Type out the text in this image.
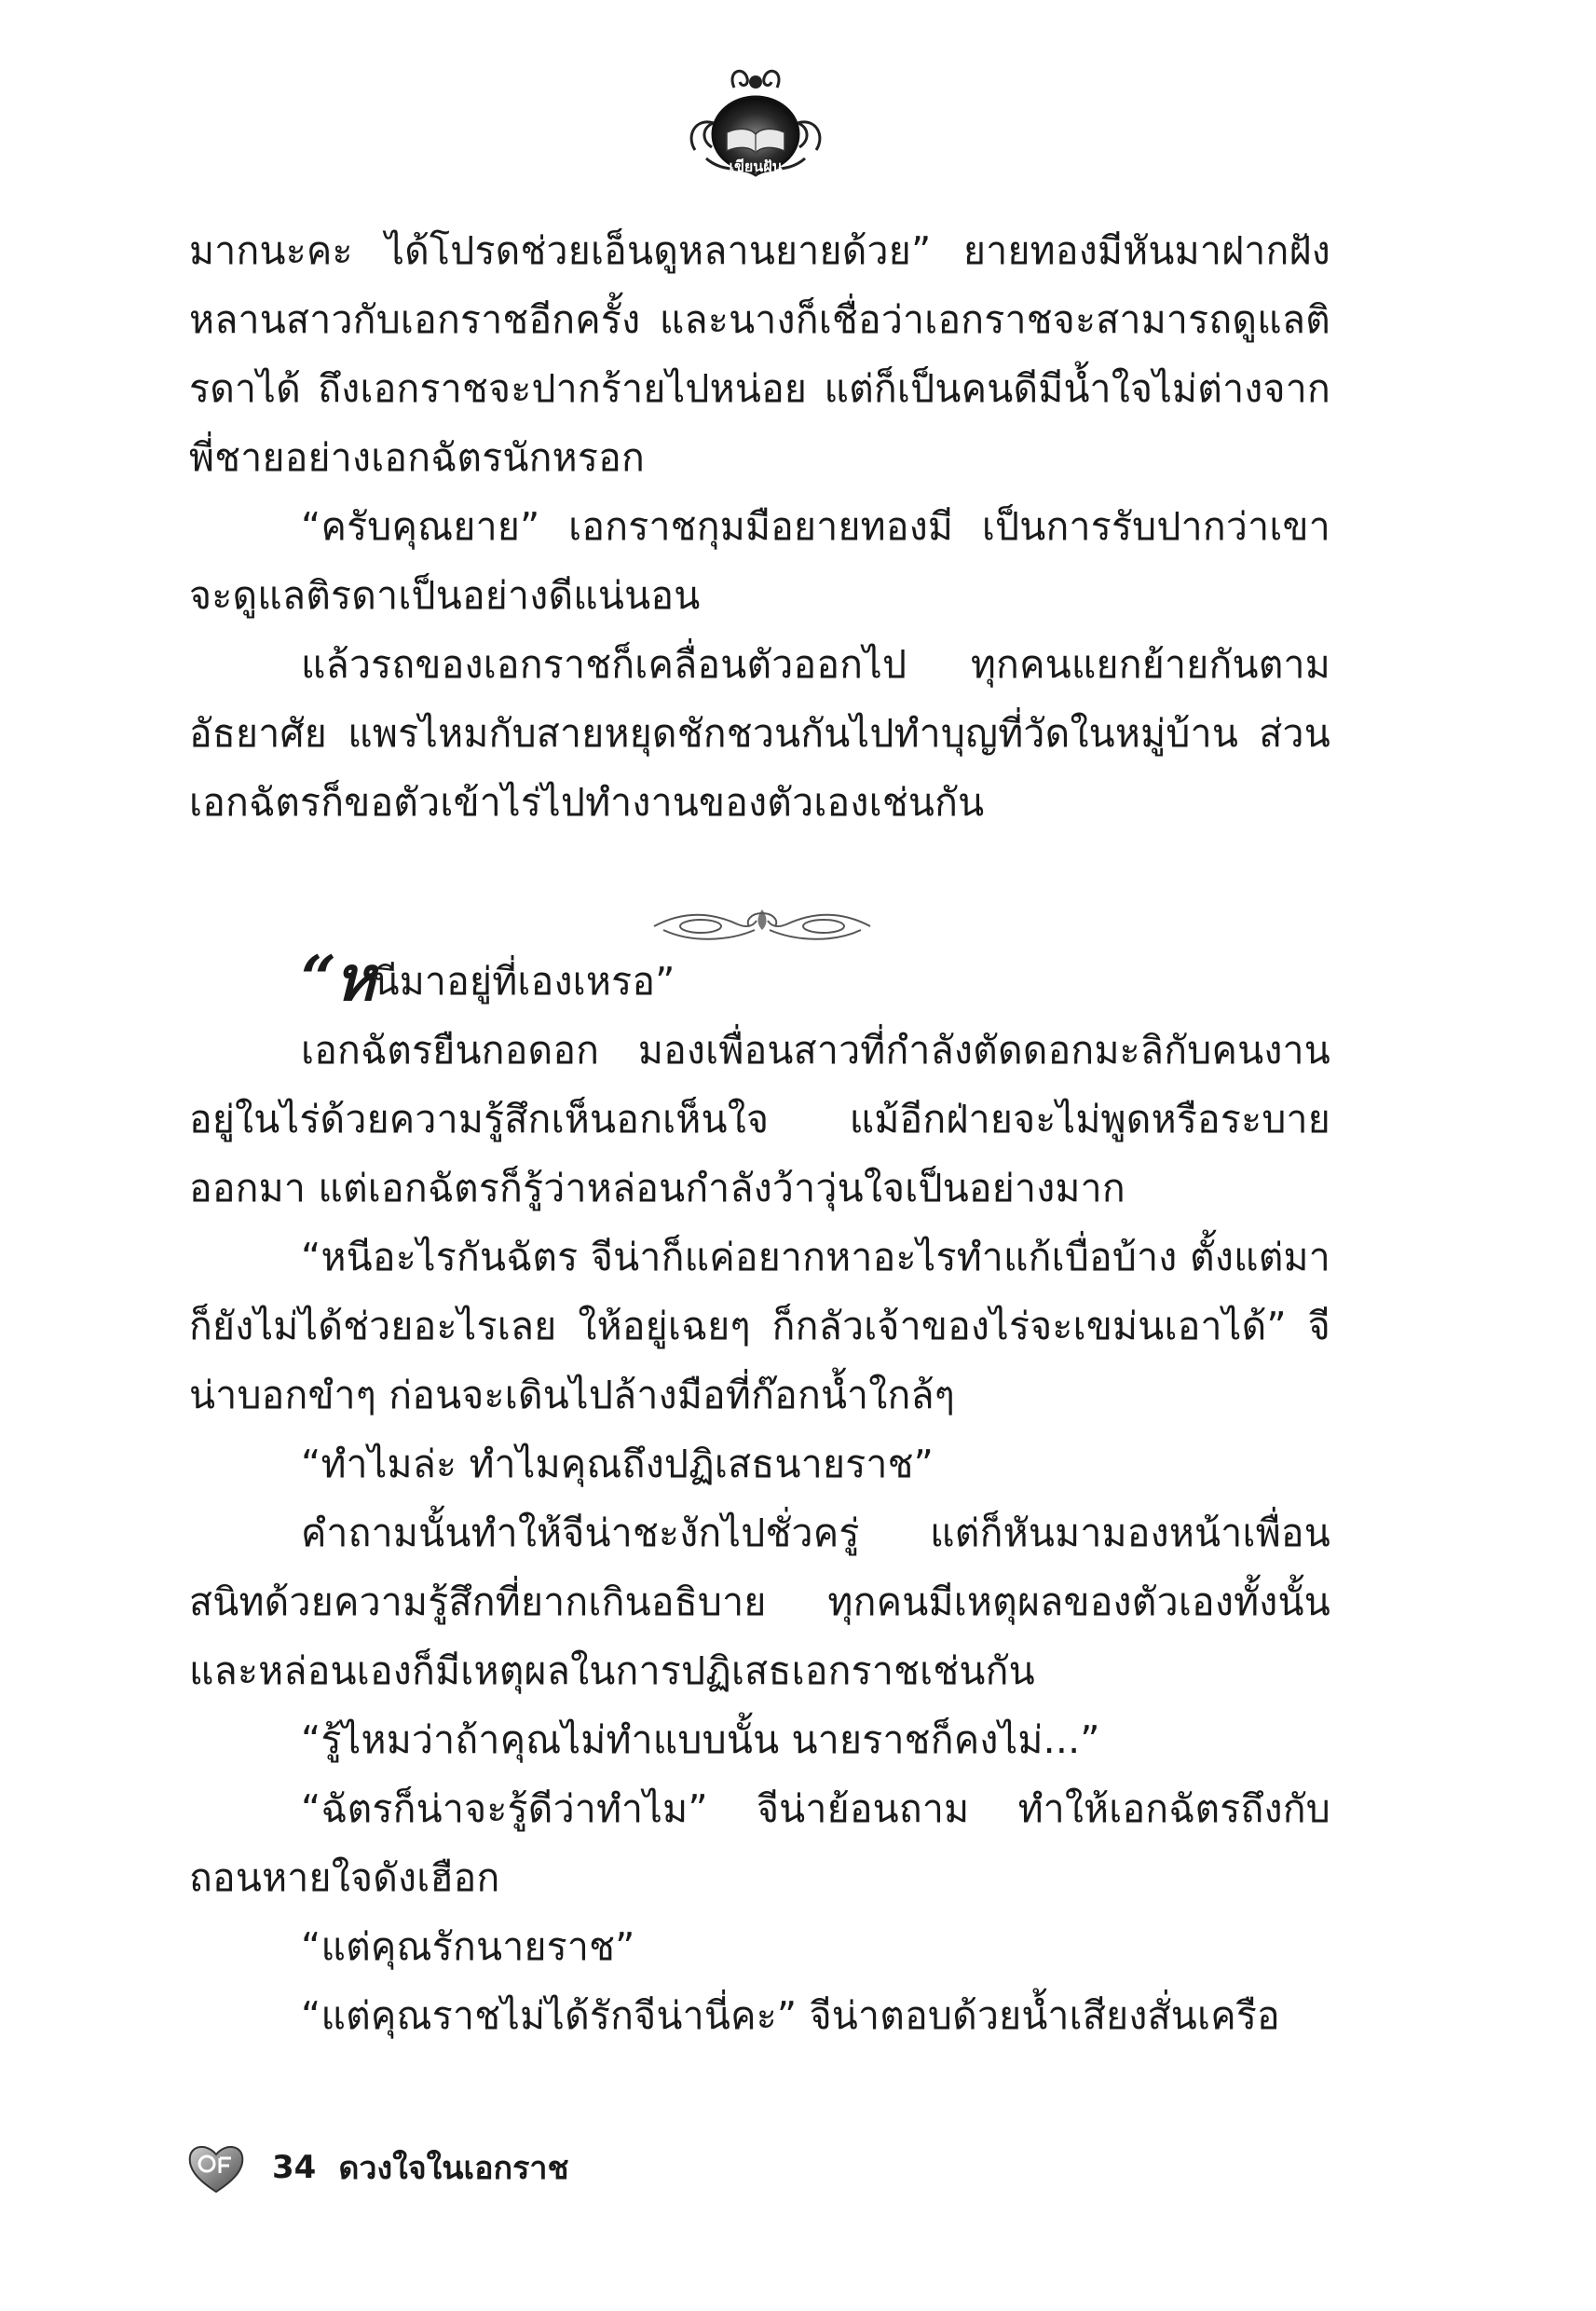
เขียนฝัน

มากนะคะ ได้โปรดช่วยเอ็นดูหลานยายด้วย” ยายทองมีหันมาฝากฝังหลานสาวกับเอกราชอีกครั้ง และนางก็เชื่อว่าเอกราชจะสามารถดูแลติรดาได้ ถึงเอกราชจะปากร้ายไปหน่อย แต่ก็เป็นคนดีมีน้ำใจไม่ต่างจากพี่ชายอย่างเอกฉัตรนักหรอก

“ครับคุณยาย” เอกราชกุมมือยายทองมี เป็นการรับปากว่าเขาจะดูแลติรดาเป็นอย่างดีแน่นอน

แล้วรถของเอกราชก็เคลื่อนตัวออกไป ทุกคนแยกย้ายกันตามอัธยาศัย แพรไหมกับสายหยุดชักชวนกันไปทำบุญที่วัดในหมู่บ้าน ส่วนเอกฉัตรก็ขอตัวเข้าไร่ไปทำงานของตัวเองเช่นกัน

“หนีมาอยู่ที่เองเหรอ”

เอกฉัตรยืนกอดอก มองเพื่อนสาวที่กำลังตัดดอกมะลิกับคนงานอยู่ในไร่ด้วยความรู้สึกเห็นอกเห็นใจ แม้อีกฝ่ายจะไม่พูดหรือระบายออกมา แต่เอกฉัตรก็รู้ว่าหล่อนกำลังว้าวุ่นใจเป็นอย่างมาก

“หนีอะไรกันฉัตร จีน่าก็แค่อยากหาอะไรทำแก้เบื่อบ้าง ตั้งแต่มาก็ยังไม่ได้ช่วยอะไรเลย ให้อยู่เฉยๆ ก็กลัวเจ้าของไร่จะเขม่นเอาได้” จีน่าบอกขำๆ ก่อนจะเดินไปล้างมือที่ก๊อกน้ำใกล้ๆ

“ทำไมล่ะ ทำไมคุณถึงปฏิเสธนายราช”

คำถามนั้นทำให้จีน่าชะงักไปชั่วครู่ แต่ก็หันมามองหน้าเพื่อนสนิทด้วยความรู้สึกที่ยากเกินอธิบาย ทุกคนมีเหตุผลของตัวเองทั้งนั้น และหล่อนเองก็มีเหตุผลในการปฏิเสธเอกราชเช่นกัน

“รู้ไหมว่าถ้าคุณไม่ทำแบบนั้น นายราชก็คงไม่...”

“ฉัตรก็น่าจะรู้ดีว่าทำไม” จีน่าย้อนถาม ทำให้เอกฉัตรถึงกับถอนหายใจดังเฮือก

“แต่คุณรักนายราช”

“แต่คุณราชไม่ได้รักจีน่านี่คะ” จีน่าตอบด้วยน้ำเสียงสั่นเครือ

34 ดวงใจในเอกราช
